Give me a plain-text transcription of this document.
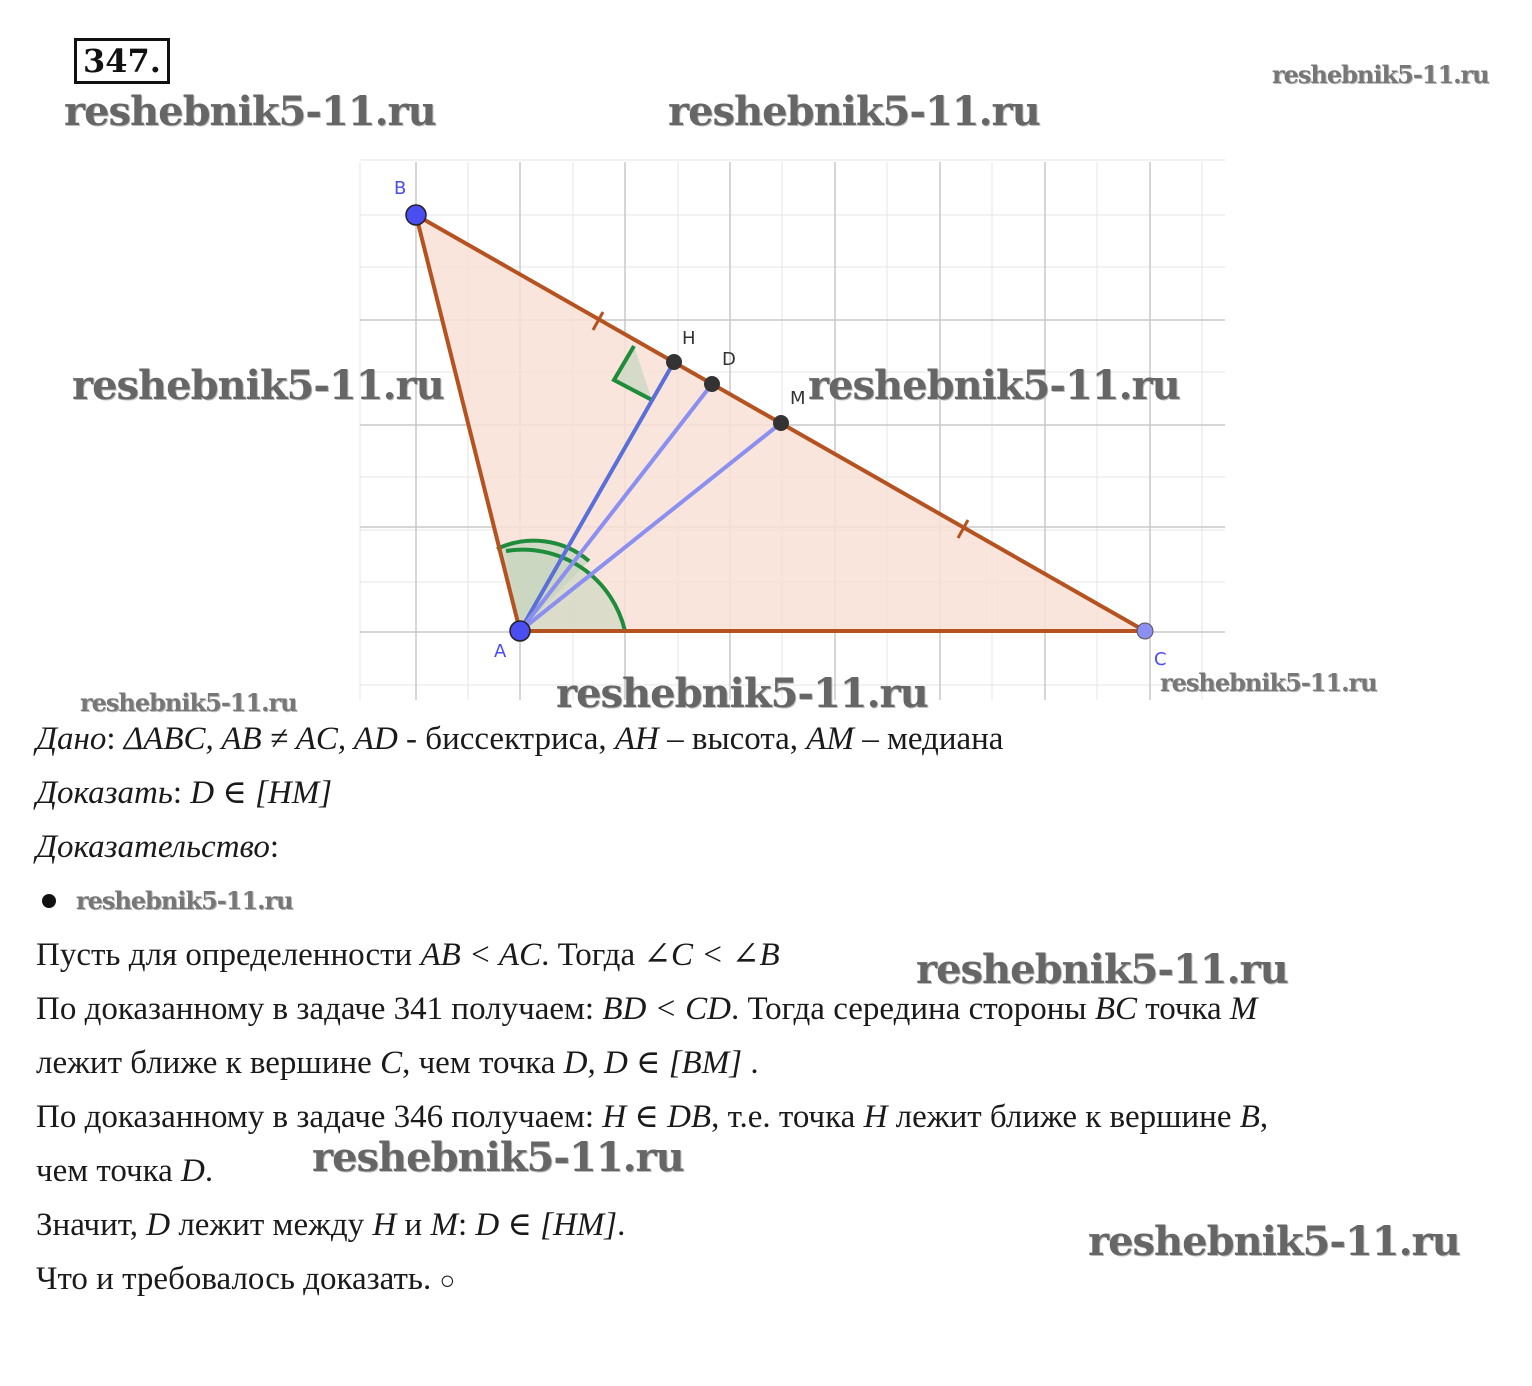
347.	reshebnik5-11.ru
reshebnik5-11.ru	reshebnik5-11.ru
B
A	C
H
D
M
reshebnik5-11.ru	reshebnik5-11.ru
reshebnik5-11.ru	reshebnik5-11.ru	reshebnik5-11.ru
Дано: ΔABC, AB ≠ AC, AD - биссектриса, AH – высота, AM – медиана
Доказать: D ∈ [HM]
Доказательство:
reshebnik5-11.ru
Пусть для определенности AB < AC. Тогда ∠C < ∠B
По доказанному в задаче 341 получаем: BD < CD. Тогда середина стороны BC точка M
лежит ближе к вершине C, чем точка D, D ∈ [BM] .
По доказанному в задаче 346 получаем: H ∈ DB, т.е. точка H лежит ближе к вершине B,
чем точка D.
Значит, D лежит между H и M: D ∈ [HM].
Что и требовалось доказать. ○
reshebnik5-11.ru
reshebnik5-11.ru
reshebnik5-11.ru
